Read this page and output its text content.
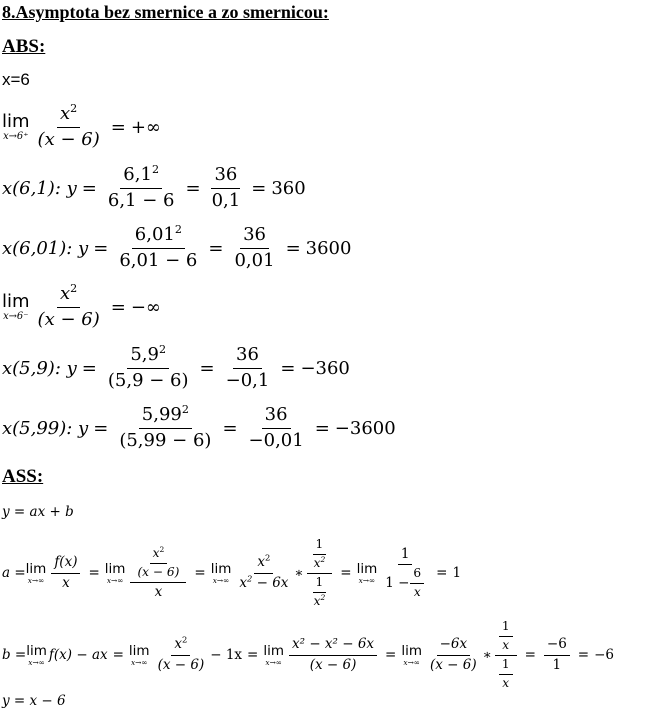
8.Asymptota bez smernice a zo smernicou:
ABS:
x=6
lim
$x\to 6^+ \frac{x^2}{(x - 6)}$ = +∞
x(6,1): $y = \frac{6,1^2}{6,1 - 6} = \frac{36}{0,1} = 360$
x(6,01): $y = \frac{6,01^2}{6,01 - 6} = \frac{36}{0,01} = 3600$
lim
$x\to 6^- \frac{x^2}{(x - 6)}$ = −∞
x(5,9): $y = \frac{5,9^2}{(5,9 - 6)} = \frac{36}{-0,1} = -360$
x(5,99): $y = \frac{5,99^2}{(5,99 - 6)} = \frac{36}{-0,01} = -3600$
ASS:
y = ax + b
a = lim
$x\to\infty \frac{f(x)}{x} = \lim$
$x\to\infty \frac{\frac{x^2}{(x - 6)}}{x} = \lim$
$x\to\infty \frac{x^2}{x^2 - 6x}$ ∗ $\frac{\frac{1}{x^2}}{\frac{1}{x^2}} = \lim$
$x\to\infty \frac{1}{1 - \frac{6}{x}} = 1$
b = lim
x→∞ f(x) − ax = lim
$x\to\infty \frac{x^2}{(x - 6)} - 1x = \lim$
$x\to\infty \frac{\text{x² − x² − 6x}}{(x - 6)} = \lim$
$x\to\infty \frac{-6x}{(x - 6)}$ ∗ $\frac{\frac{1}{x}}{\frac{1}{x}} = \frac{-6}{1} = -6$
y = x − 6
